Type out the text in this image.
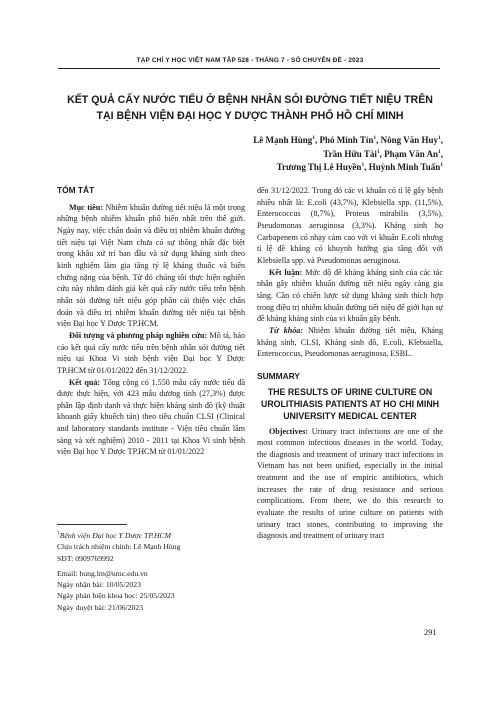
TẠP CHÍ Y HỌC VIỆT NAM TẬP 528 - THÁNG 7 - SỐ CHUYÊN ĐỀ - 2023
KẾT QUẢ CẤY NƯỚC TIỂU Ở BỆNH NHÂN SỎI ĐƯỜNG TIẾT NIỆU TRÊN
TẠI BỆNH VIỆN ĐẠI HỌC Y DƯỢC THÀNH PHỐ HỒ CHÍ MINH
Lê Mạnh Hùng$^1$, Phó Minh Tín$^1$, Nông Văn Huy$^1$,
Trần Hữu Tài$^1$, Phạm Văn An$^1$,
Trương Thị Lê Huyền$^1$, Huỳnh Minh Tuấn$^1$
TÓM TẮT

Mục tiêu: Nhiễm khuẩn đường tiết niệu là một trong những bệnh nhiễm khuẩn phổ biến nhất trên thế giới. Ngày nay, việc chẩn đoán và điều trị nhiễm khuẩn đường tiết niệu tại Việt Nam chưa có sự thống nhất đặc biệt trong khâu xử trí ban đầu và sử dụng kháng sinh theo kinh nghiệm làm gia tăng tỷ lệ kháng thuốc và biến chứng nặng của bệnh. Từ đó chúng tôi thực hiện nghiên cứu này nhằm đánh giá kết quả cấy nước tiểu trên bệnh nhân sỏi đường tiết niệu góp phần cải thiện việc chẩn đoán và điều trị nhiễm khuẩn đường tiết niệu tại bệnh viện Đại học Y Dược TP.HCM.

Đối tượng và phương pháp nghiên cứu: Mô tả, báo cáo kết quả cấy nước tiểu trên bệnh nhân sỏi đường tiết niệu tại Khoa Vi sinh bệnh viện Đại học Y Dược TP.HCM từ 01/01/2022 đến 31/12/2022.

Kết quả: Tổng cộng có 1.550 mẫu cấy nước tiểu đã được thực hiện, với 423 mẫu dương tính (27,3%) được phân lập định danh và thực hiện kháng sinh đồ (kỹ thuật khoanh giấy khuếch tán) theo tiêu chuẩn CLSI (Clinical and laboratory standards institute - Viện tiêu chuẩn lâm sàng và xét nghiệm) 2010 - 2011 tại Khoa Vi sinh bệnh viện Đại học Y Dược TP.HCM từ 01/01/2022

$^1$Bệnh viện Đại học Y Dược TP.HCM
Chịu trách nhiệm chính: Lê Mạnh Hùng
SĐT: 0909769992
Email: hung.lm@umc.edu.vn
Ngày nhận bài: 10/05/2023
Ngày phản biện khoa học: 25/05/2023
Ngày duyệt bài: 21/06/2023

đến 31/12/2022. Trong đó các vi khuẩn có tỉ lệ gây bệnh nhiều nhất là: E.coli (43,7%), Klebsiella spp. (11,5%), Enterococcus (8,7%), Proteus mirabilis (3,5%), Pseudomonas aeruginosa (3,3%). Kháng sinh họ Carbapenem có nhạy cảm cao với vi khuẩn E.coli nhưng tỉ lệ đề kháng có khuynh hướng gia tăng đối với Klebsiella spp. và Pseudomonas aeruginosa.

Kết luận: Mức độ đề kháng kháng sinh của các tác nhân gây nhiễm khuẩn đường tiết niệu ngày càng gia tăng. Cần có chiến lược sử dụng kháng sinh thích hợp trong điều trị nhiễm khuẩn đường tiết niệu để giới hạn sự đề kháng kháng sinh của vi khuẩn gây bệnh.

Từ khóa: Nhiễm khuẩn đường tiết niệu, Kháng kháng sinh, CLSI, Kháng sinh đồ, E.coli, Klebsiella, Enterococcus, Pseudomonas aeruginosa, ESBL.

SUMMARY
THE RESULTS OF URINE CULTURE ON UROLITHIASIS PATIENTS AT HO CHI MINH UNIVERSITY MEDICAL CENTER

Objectives: Urinary tract infections are one of the most common infectious diseases in the world. Today, the diagnosis and treatment of urinary tract infections in Vietnam has not been unified, especially in the initial treatment and the use of empiric antibiotics, which increases the rate of drug resistance and serious complications. From there, we do this research to evaluate the results of urine culture on patients with urinary tract stones, contributing to improving the diagnosis and treatment of urinary tract

291
